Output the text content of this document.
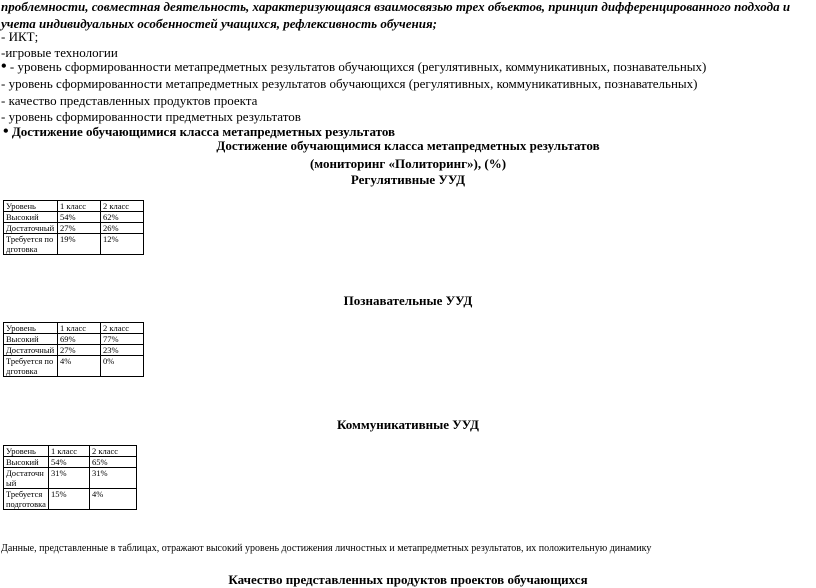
проблемности, совместная деятельность, характеризующаяся взаимосвязью трех объектов, принцип дифференцированного подхода и учета индивидуальных особенностей учащихся, рефлексивность обучения;
- ИКТ;
-игровые технологии
• - уровень сформированности метапредметных результатов обучающихся (регулятивных, коммуникативных, познавательных)
- уровень сформированности метапредметных результатов обучающихся (регулятивных, коммуникативных, познавательных)
- качество представленных продуктов проекта
- уровень сформированности предметных результатов
• Достижение обучающимися класса метапредметных результатов
Достижение обучающимися класса метапредметных результатов
(мониторинг «Политоринг»), (%)
Регулятивные УУД
Уровень	1 класс	2 класс
Высокий	54%	62%
Достаточный	27%	26%
Требуется подготовка	19%	12%
Познавательные УУД
Уровень	1 класс	2 класс
Высокий	69%	77%
Достаточный	27%	23%
Требуется подготовка	4%	0%
Коммуникативные УУД
Уровень	1 класс	2 класс
Высокий	54%	65%
Достаточный	31%	31%
Требуется подготовка	15%	4%
Данные, представленные в таблицах, отражают высокий уровень достижения личностных и метапредметных результатов, их положительную динамику
Качество представленных продуктов проектов обучающихся
